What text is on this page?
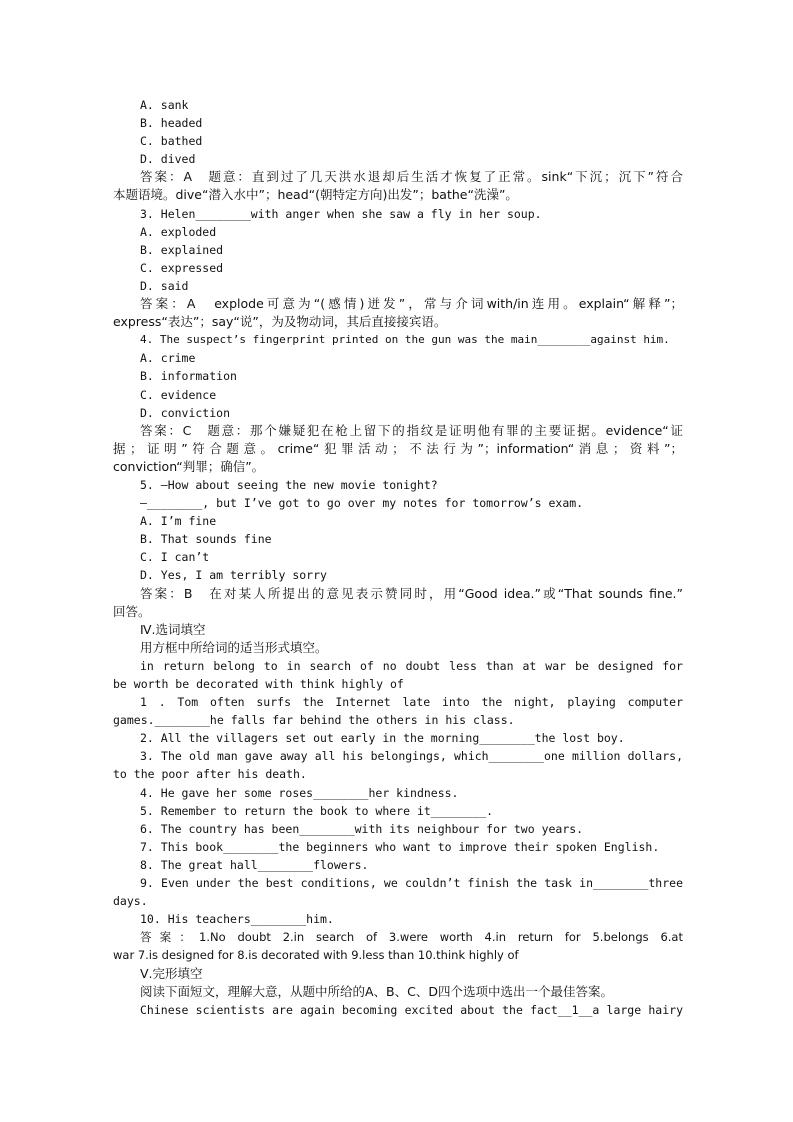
A. sank
B. headed
C. bathed
D. dived
答案：A　题意：直到过了几天洪水退却后生活才恢复了正常。sink“下沉；沉下”符合
本题语境。dive“潜入水中”；head“(朝特定方向)出发”；bathe“洗澡”。
3. Helen________with anger when she saw a fly in her soup.
A. exploded
B. explained
C. expressed
D. said
答案：A　explode可意为“(感情)迸发”，常与介词with/in连用。explain“解释”；
express“表达”；say“说”，为及物动词，其后直接接宾语。
4. The suspect’s fingerprint printed on the gun was the main________against him.
A. crime
B. information
C. evidence
D. conviction
答案：C　题意：那个嫌疑犯在枪上留下的指纹是证明他有罪的主要证据。evidence“证
据；证明”符合题意。crime“犯罪活动；不法行为”；information“消息；资料”；
conviction“判罪；确信”。
5. —How about seeing the new movie tonight?
—________, but I’ve got to go over my notes for tomorrow’s exam.
A. I’m fine
B. That sounds fine
C. I can’t
D. Yes, I am terribly sorry
答案：B　在对某人所提出的意见表示赞同时，用“Good idea.”或“That sounds fine.”
回答。
Ⅳ.选词填空
用方框中所给词的适当形式填空。
in return belong to in search of no doubt less than at war be designed for
be worth be decorated with think highly of
1 . Tom often surfs the Internet late into the night, playing computer
games.________he falls far behind the others in his class.
2. All the villagers set out early in the morning________the lost boy.
3. The old man gave away all his belongings, which________one million dollars,
to the poor after his death.
4. He gave her some roses________her kindness.
5. Remember to return the book to where it________.
6. The country has been________with its neighbour for two years.
7. This book________the beginners who want to improve their spoken English.
8. The great hall________flowers.
9. Even under the best conditions, we couldn’t finish the task in________three
days.
10. His teachers________him.
答案：1.No doubt 2.in search of 3.were worth 4.in return for 5.belongs 6.at
war 7.is designed for 8.is decorated with 9.less than 10.think highly of
Ⅴ.完形填空
阅读下面短文，理解大意，从题中所给的A、B、C、D四个选项中选出一个最佳答案。
Chinese scientists are again becoming excited about the fact__1__a large hairy
